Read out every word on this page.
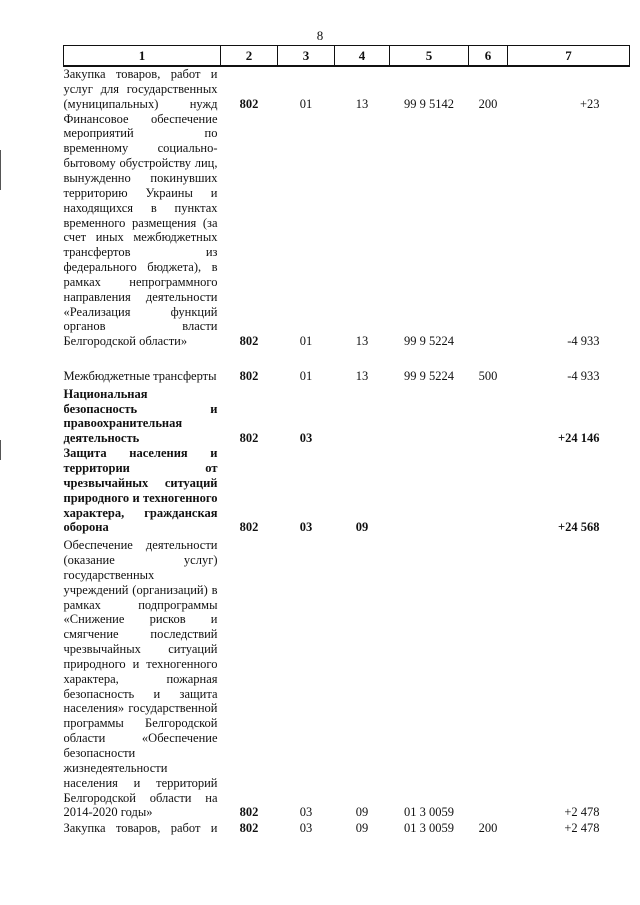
8
1	2	3	4	5	6	7
Закупка товаров, работ и услуг для государственных (муниципальных) нужд	802	01	13	99 9 5142	200	+23
Финансовое обеспечение мероприятий по временному социально-бытовому обустройству лиц, вынужденно покинувших территорию Украины и находящихся в пунктах временного размещения (за счет иных межбюджетных трансфертов из федерального бюджета), в рамках непрограммного направления деятельности «Реализация функций органов власти Белгородской области»	802	01	13	99 9 5224		-4 933
Межбюджетные трансферты	802	01	13	99 9 5224	500	-4 933
Национальная безопасность и правоохранительная деятельность	802	03				+24 146
Защита населения и территории от чрезвычайных ситуаций природного и техногенного характера, гражданская оборона	802	03	09			+24 568
Обеспечение деятельности (оказание услуг) государственных учреждений (организаций) в рамках подпрограммы «Снижение рисков и смягчение последствий чрезвычайных ситуаций природного и техногенного характера, пожарная безопасность и защита населения» государственной программы Белгородской области «Обеспечение безопасности жизнедеятельности населения и территорий Белгородской области на 2014-2020 годы»	802	03	09	01 3 0059		+2 478
Закупка товаров, работ и	802	03	09	01 3 0059	200	+2 478
